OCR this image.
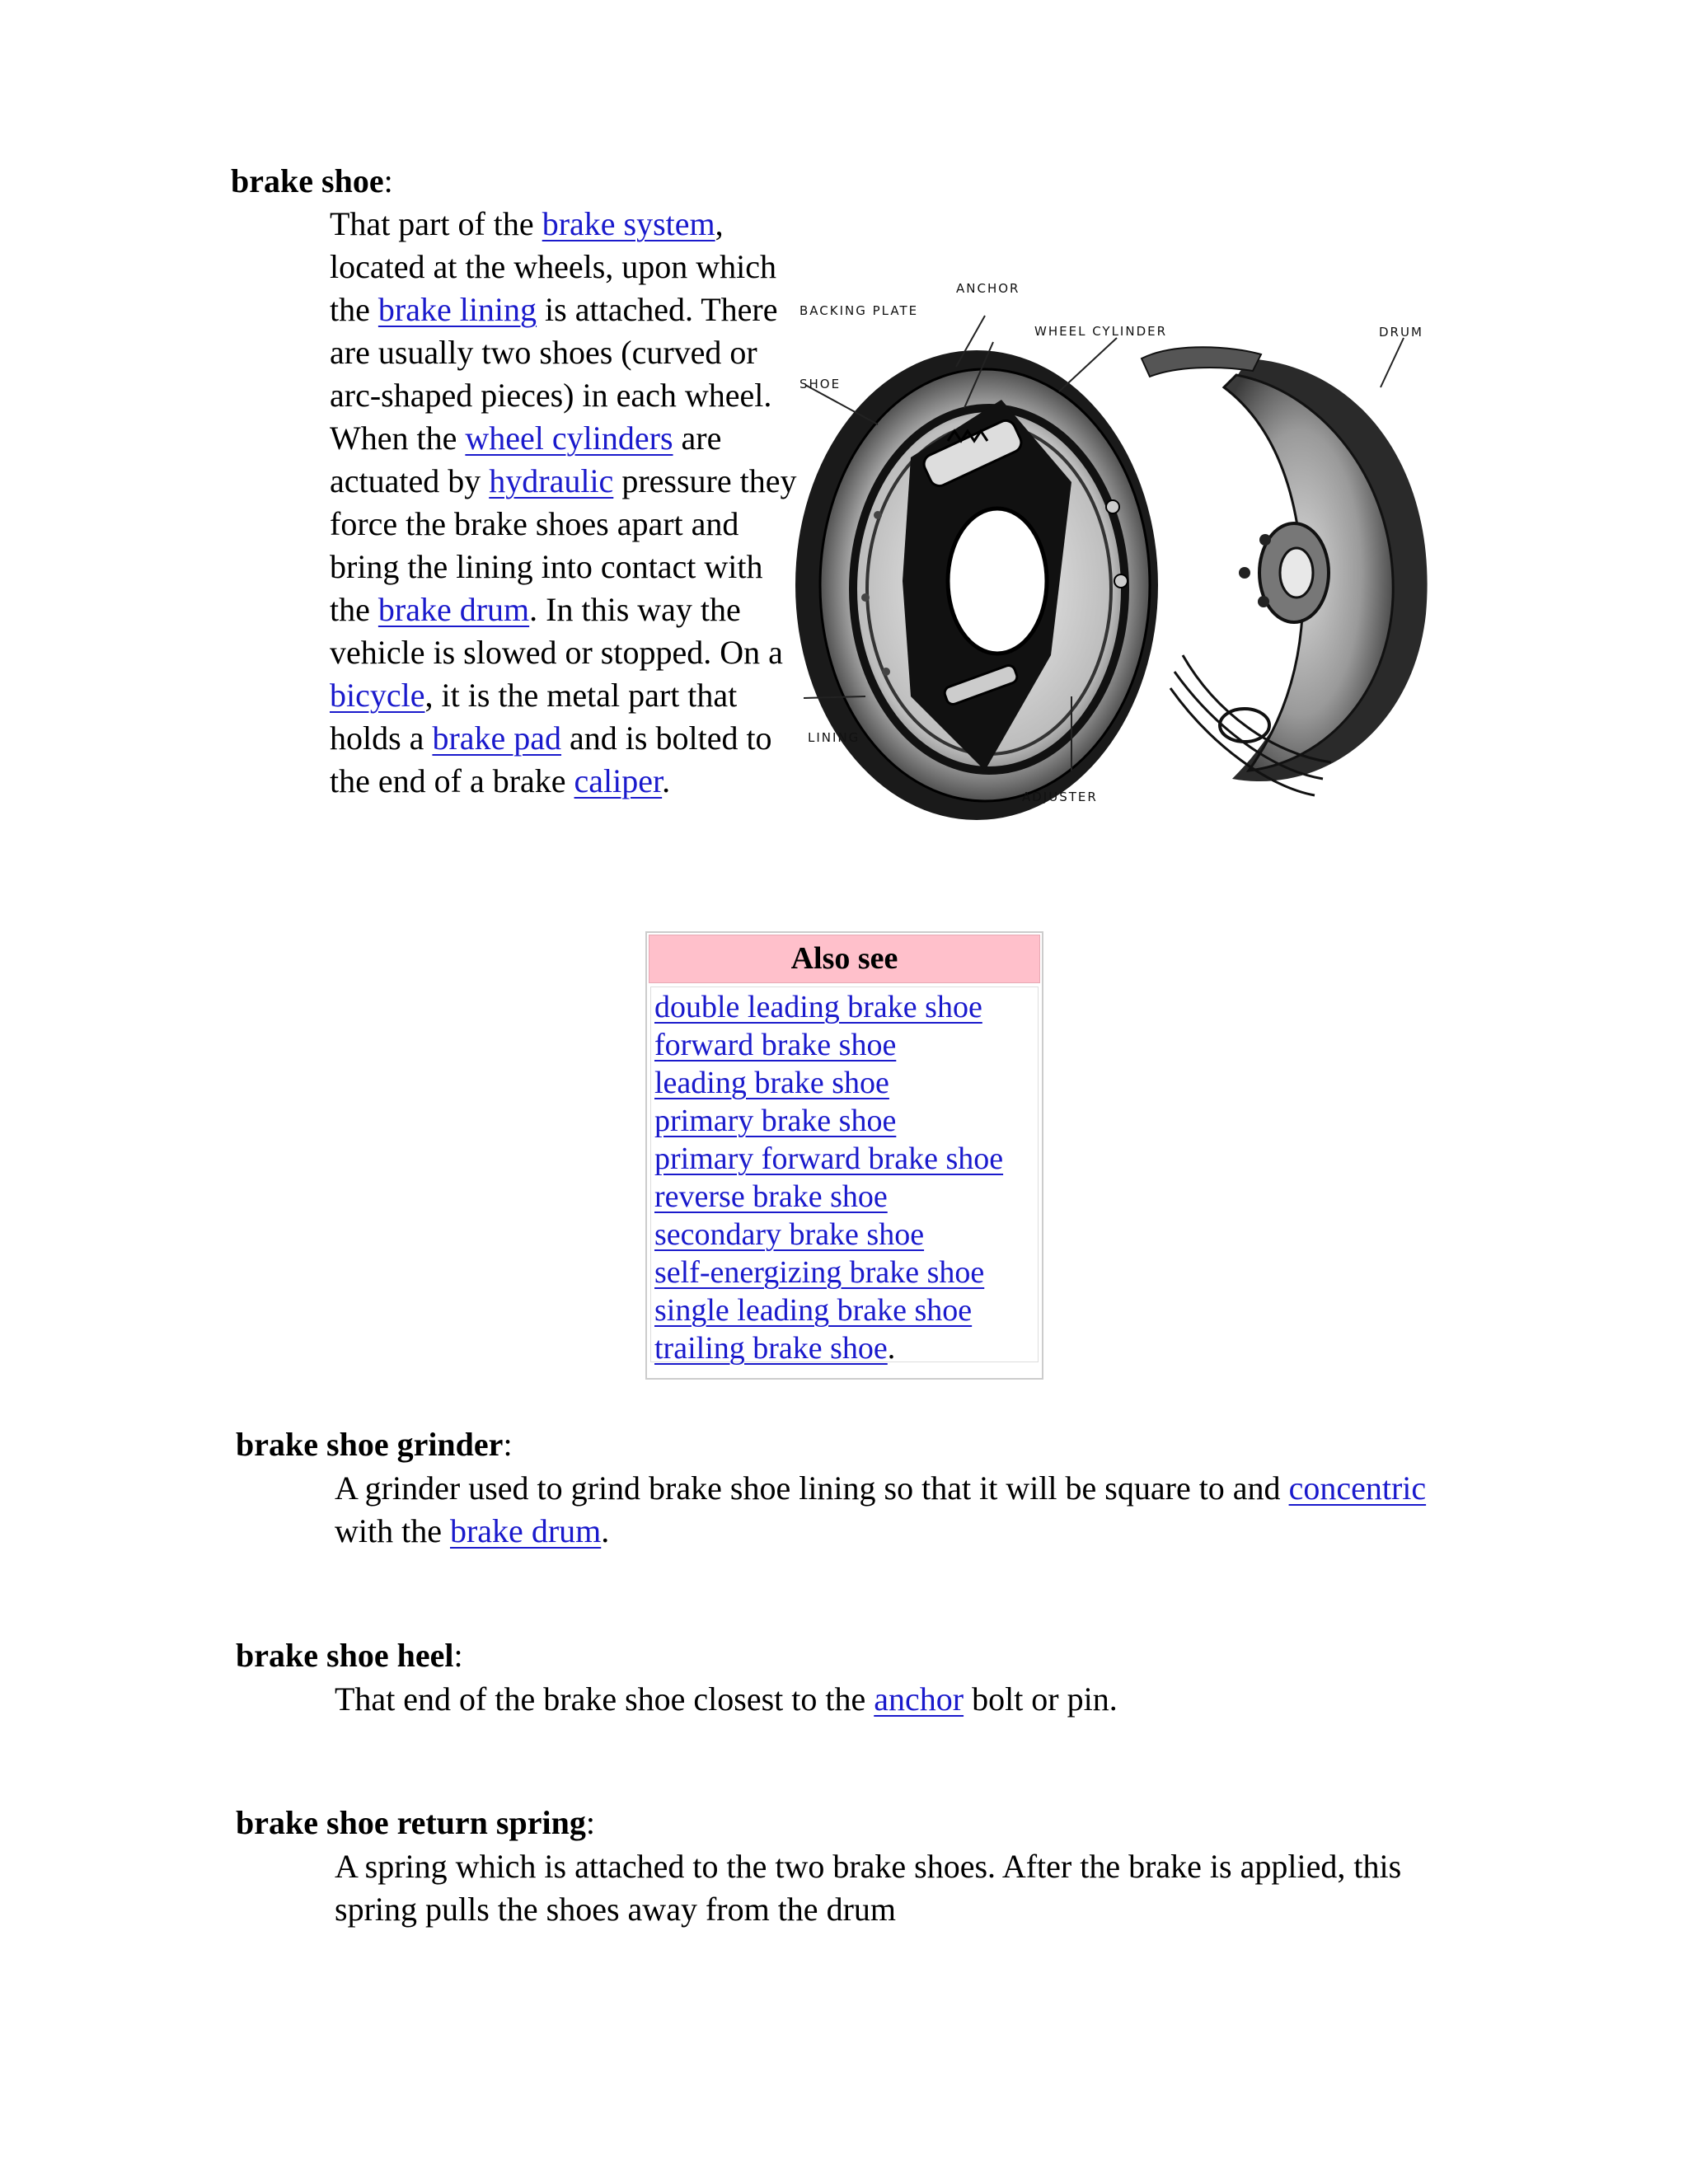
brake shoe:

That part of the brake system, located at the wheels, upon which the brake lining is attached. There are usually two shoes (curved or arc-shaped pieces) in each wheel. When the wheel cylinders are actuated by hydraulic pressure they force the brake shoes apart and bring the lining into contact with the brake drum. In this way the vehicle is slowed or stopped. On a bicycle, it is the metal part that holds a brake pad and is bolted to the end of a brake caliper.

ANCHOR
BACKING PLATE
WHEEL CYLINDER	DRUM
SHOE
LINING
ADJUSTER
Also see
double leading brake shoe
forward brake shoe
leading brake shoe
primary brake shoe
primary forward brake shoe
reverse brake shoe
secondary brake shoe
self-energizing brake shoe
single leading brake shoe
trailing brake shoe.

brake shoe grinder:

A grinder used to grind brake shoe lining so that it will be square to and concentric with the brake drum.

brake shoe heel:

That end of the brake shoe closest to the anchor bolt or pin.

brake shoe return spring:

A spring which is attached to the two brake shoes. After the brake is applied, this spring pulls the shoes away from the drum
